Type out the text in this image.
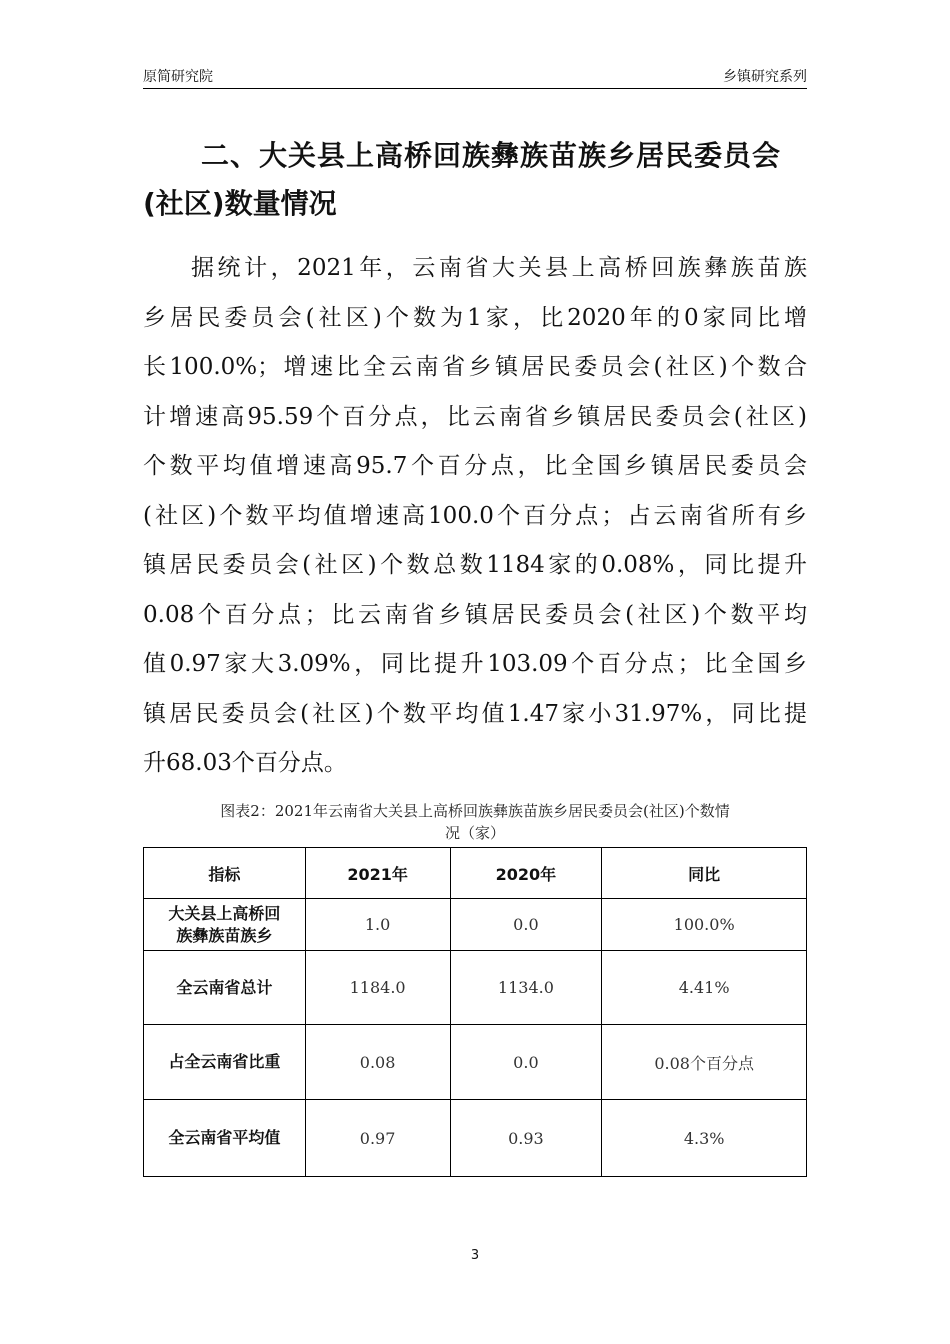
原简研究院	乡镇研究系列
二、大关县上高桥回族彝族苗族乡居民委员会
(社区)数量情况
据统计，2021年，云南省大关县上高桥回族彝族苗族
乡居民委员会(社区)个数为1家，比2020年的0家同比增
长100.0%；增速比全云南省乡镇居民委员会(社区)个数合
计增速高95.59个百分点，比云南省乡镇居民委员会(社区)
个数平均值增速高95.7个百分点，比全国乡镇居民委员会
(社区)个数平均值增速高100.0个百分点；占云南省所有乡
镇居民委员会(社区)个数总数1184家的0.08%，同比提升
0.08个百分点；比云南省乡镇居民委员会(社区)个数平均
值0.97家大3.09%，同比提升103.09个百分点；比全国乡
镇居民委员会(社区)个数平均值1.47家小31.97%，同比提
升68.03个百分点。
图表2：2021年云南省大关县上高桥回族彝族苗族乡居民委员会(社区)个数情
况（家）
指标	2021年	2020年	同比

大关县上高桥回
族彝族苗族乡	1.0	0.0	100.0%
全云南省总计	1184.0	1134.0	4.41%
占全云南省比重	0.08	0.0	0.08个百分点
全云南省平均值	0.97	0.93	4.3%
3
